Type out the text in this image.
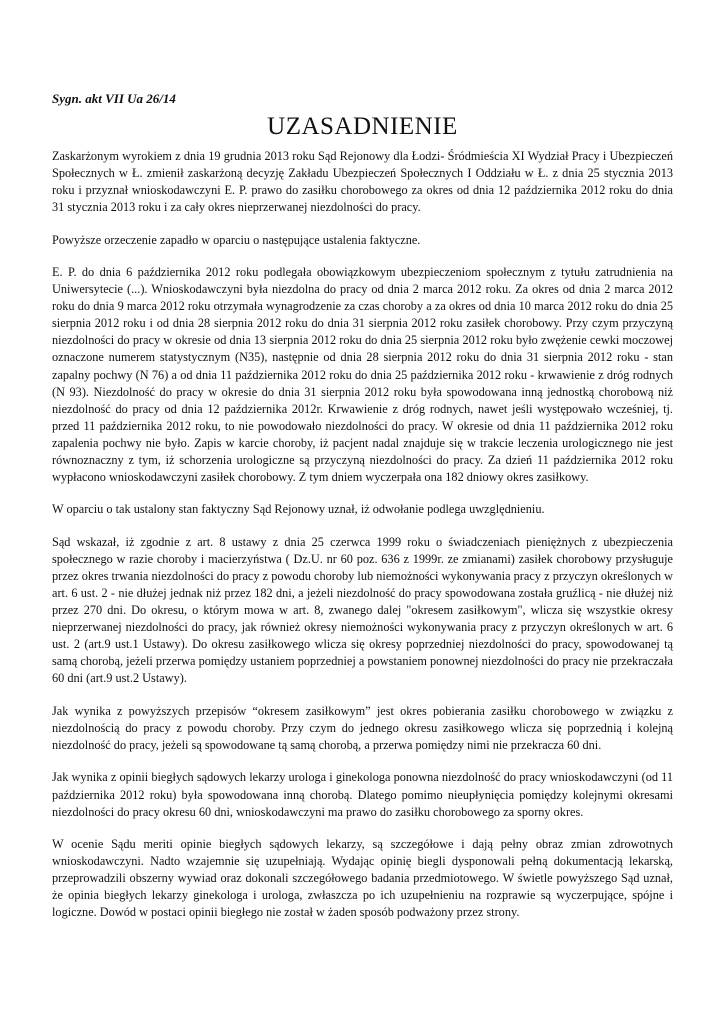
Sygn. akt VII Ua 26/14

UZASADNIENIE

Zaskarżonym wyrokiem z dnia 19 grudnia 2013 roku Sąd Rejonowy dla Łodzi- Śródmieścia XI Wydział Pracy i Ubezpieczeń Społecznych w Ł. zmienił zaskarżoną decyzję Zakładu Ubezpieczeń Społecznych I Oddziału w Ł. z dnia 25 stycznia 2013 roku i przyznał wnioskodawczyni E. P. prawo do zasiłku chorobowego za okres od dnia 12 października 2012 roku do dnia 31 stycznia 2013 roku i za cały okres nieprzerwanej niezdolności do pracy.

Powyższe orzeczenie zapadło w oparciu o następujące ustalenia faktyczne.

E. P. do dnia 6 października 2012 roku podlegała obowiązkowym ubezpieczeniom społecznym z tytułu zatrudnienia na Uniwersytecie (...). Wnioskodawczyni była niezdolna do pracy od dnia 2 marca 2012 roku. Za okres od dnia 2 marca 2012 roku do dnia 9 marca 2012 roku otrzymała wynagrodzenie za czas choroby a za okres od dnia 10 marca 2012 roku do dnia 25 sierpnia 2012 roku i od dnia 28 sierpnia 2012 roku do dnia 31 sierpnia 2012 roku zasiłek chorobowy. Przy czym przyczyną niezdolności do pracy w okresie od dnia 13 sierpnia 2012 roku do dnia 25 sierpnia 2012 roku było zwężenie cewki moczowej oznaczone numerem statystycznym (N35), następnie od dnia 28 sierpnia 2012 roku do dnia 31 sierpnia 2012 roku - stan zapalny pochwy (N 76) a od dnia 11 października 2012 roku do dnia 25 października 2012 roku - krwawienie z dróg rodnych (N 93). Niezdolność do pracy w okresie do dnia 31 sierpnia 2012 roku była spowodowana inną jednostką chorobową niż niezdolność do pracy od dnia 12 października 2012r. Krwawienie z dróg rodnych, nawet jeśli występowało wcześniej, tj. przed 11 października 2012 roku, to nie powodowało niezdolności do pracy. W okresie od dnia 11 października 2012 roku zapalenia pochwy nie było. Zapis w karcie choroby, iż pacjent nadal znajduje się w trakcie leczenia urologicznego nie jest równoznaczny z tym, iż schorzenia urologiczne są przyczyną niezdolności do pracy. Za dzień 11 października 2012 roku wypłacono wnioskodawczyni zasiłek chorobowy. Z tym dniem wyczerpała ona 182 dniowy okres zasiłkowy.

W oparciu o tak ustalony stan faktyczny Sąd Rejonowy uznał, iż odwołanie podlega uwzględnieniu.

Sąd wskazał, iż zgodnie z art. 8 ustawy z dnia 25 czerwca 1999 roku o świadczeniach pieniężnych z ubezpieczenia społecznego w razie choroby i macierzyństwa ( Dz.U. nr 60 poz. 636 z 1999r. ze zmianami) zasiłek chorobowy przysługuje przez okres trwania niezdolności do pracy z powodu choroby lub niemożności wykonywania pracy z przyczyn określonych w art. 6 ust. 2 - nie dłużej jednak niż przez 182 dni, a jeżeli niezdolność do pracy spowodowana została gruźlicą - nie dłużej niż przez 270 dni. Do okresu, o którym mowa w art. 8, zwanego dalej "okresem zasiłkowym", wlicza się wszystkie okresy nieprzerwanej niezdolności do pracy, jak również okresy niemożności wykonywania pracy z przyczyn określonych w art. 6 ust. 2 (art.9 ust.1 Ustawy). Do okresu zasiłkowego wlicza się okresy poprzedniej niezdolności do pracy, spowodowanej tą samą chorobą, jeżeli przerwa pomiędzy ustaniem poprzedniej a powstaniem ponownej niezdolności do pracy nie przekraczała 60 dni (art.9 ust.2 Ustawy).

Jak wynika z powyższych przepisów “okresem zasiłkowym” jest okres pobierania zasiłku chorobowego w związku z niezdolnością do pracy z powodu choroby. Przy czym do jednego okresu zasiłkowego wlicza się poprzednią i kolejną niezdolność do pracy, jeżeli są spowodowane tą samą chorobą, a przerwa pomiędzy nimi nie przekracza 60 dni.

Jak wynika z opinii biegłych sądowych lekarzy urologa i ginekologa ponowna niezdolność do pracy wnioskodawczyni (od 11 października 2012 roku) była spowodowana inną chorobą. Dlatego pomimo nieupłynięcia pomiędzy kolejnymi okresami niezdolności do pracy okresu 60 dni, wnioskodawczyni ma prawo do zasiłku chorobowego za sporny okres.

W ocenie Sądu meriti opinie biegłych sądowych lekarzy, są szczegółowe i dają pełny obraz zmian zdrowotnych wnioskodawczyni. Nadto wzajemnie się uzupełniają. Wydając opinię biegli dysponowali pełną dokumentacją lekarską, przeprowadzili obszerny wywiad oraz dokonali szczegółowego badania przedmiotowego. W świetle powyższego Sąd uznał, że opinia biegłych lekarzy ginekologa i urologa, zwłaszcza po ich uzupełnieniu na rozprawie są wyczerpujące, spójne i logiczne. Dowód w postaci opinii biegłego nie został w żaden sposób podważony przez strony.
